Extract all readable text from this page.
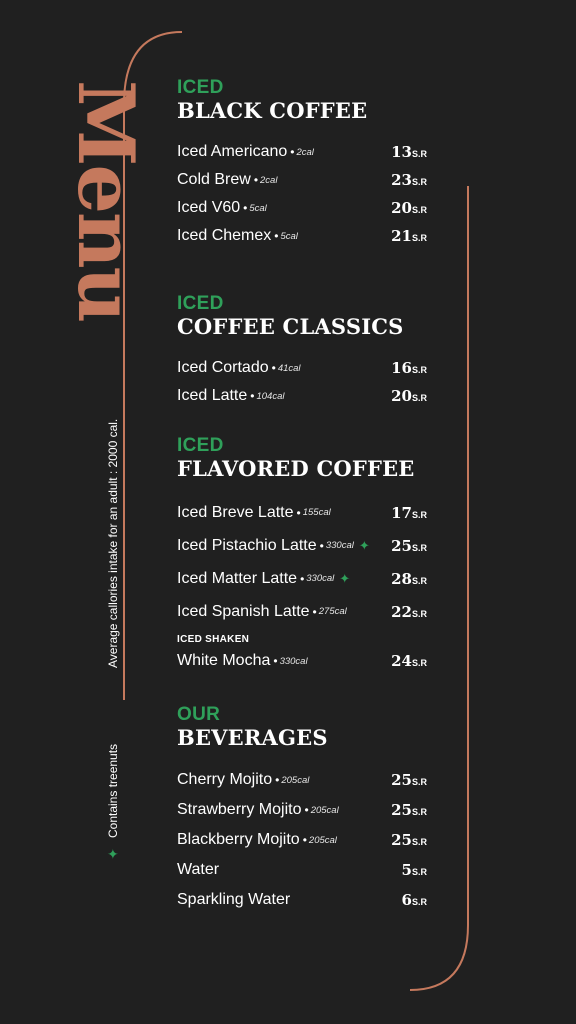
Menu
Average callories intake for an adult : 2000 cal.
Contains treenuts
✦
ICED
BLACK COFFEE
Iced Americano • 2cal	13S.R
Cold Brew • 2cal	23S.R
Iced V60 • 5cal	20S.R
Iced Chemex • 5cal	21S.R
ICED
COFFEE CLASSICS
Iced Cortado • 41cal	16S.R
Iced Latte • 104cal	20S.R
ICED
FLAVORED COFFEE
Iced Breve Latte • 155cal	17S.R
Iced Pistachio Latte • 330cal ✦ 25S.R
Iced Matter Latte • 330cal ✦	28S.R
Iced Spanish Latte • 275cal	22S.R
ICED SHAKEN
White Mocha • 330cal	24S.R
OUR
BEVERAGES
Cherry Mojito • 205cal	25S.R
Strawberry Mojito • 205cal	25S.R
Blackberry Mojito • 205cal	25S.R
Water	5S.R
Sparkling Water	6S.R
